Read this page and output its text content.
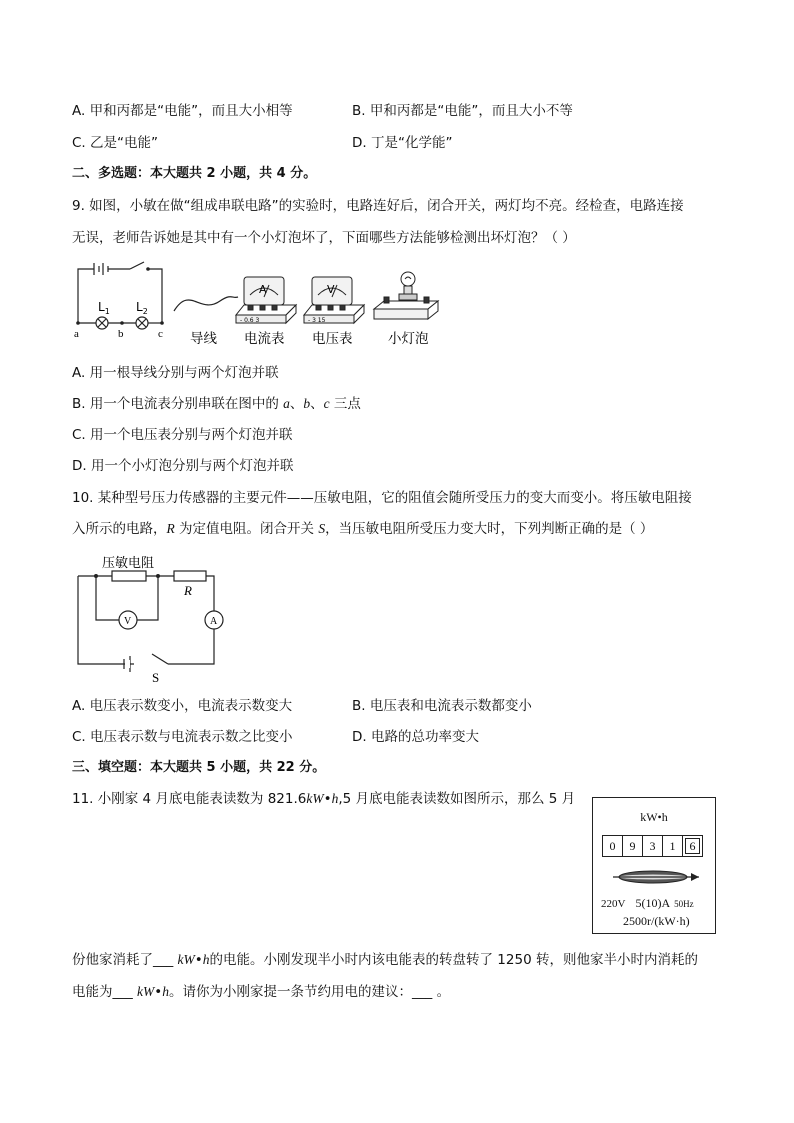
A. 甲和丙都是“电能”，而且大小相等	B. 甲和丙都是“电能”，而且大小不等
C. 乙是“电能”	D. 丁是“化学能”
二、多选题：本大题共 2 小题，共 4 分。
9. 如图，小敏在做“组成串联电路”的实验时，电路连好后，闭合开关，两灯均不亮。经检查，电路连接
无误，老师告诉她是其中有一个小灯泡坏了，下面哪些方法能够检测出坏灯泡？（ ）
$L_1$ $L_2$
a	b	c
A
- 0.6 3
V
- 3 15
导线 电流表 电压表	小灯泡
A. 用一根导线分别与两个灯泡并联
B. 用一个电流表分别串联在图中的 a、b、c 三点
C. 用一个电压表分别与两个灯泡并联
D. 用一个小灯泡分别与两个灯泡并联
10. 某种型号压力传感器的主要元件——压敏电阻，它的阻值会随所受压力的变大而变小。将压敏电阻接
入所示的电路，R 为定值电阻。闭合开关 S，当压敏电阻所受压力变大时，下列判断正确的是（ ）
压敏电阻
V	A
R
S
A. 电压表示数变小，电流表示数变大	B. 电压表和电流表示数都变小
C. 电压表示数与电流表示数之比变小	D. 电路的总功率变大
三、填空题：本大题共 5 小题，共 22 分。
11. 小刚家 4 月底电能表读数为 821.6kW•h,5 月底电能表读数如图所示，那么 5 月
kW•h
0	9	3	1	6
220V 5(10)A 50Hz
2500r/(kW·h)
份他家消耗了___ kW•h的电能。小刚发现半小时内该电能表的转盘转了 1250 转，则他家半小时内消耗的
电能为___ kW•h。请你为小刚家提一条节约用电的建议：___ 。
